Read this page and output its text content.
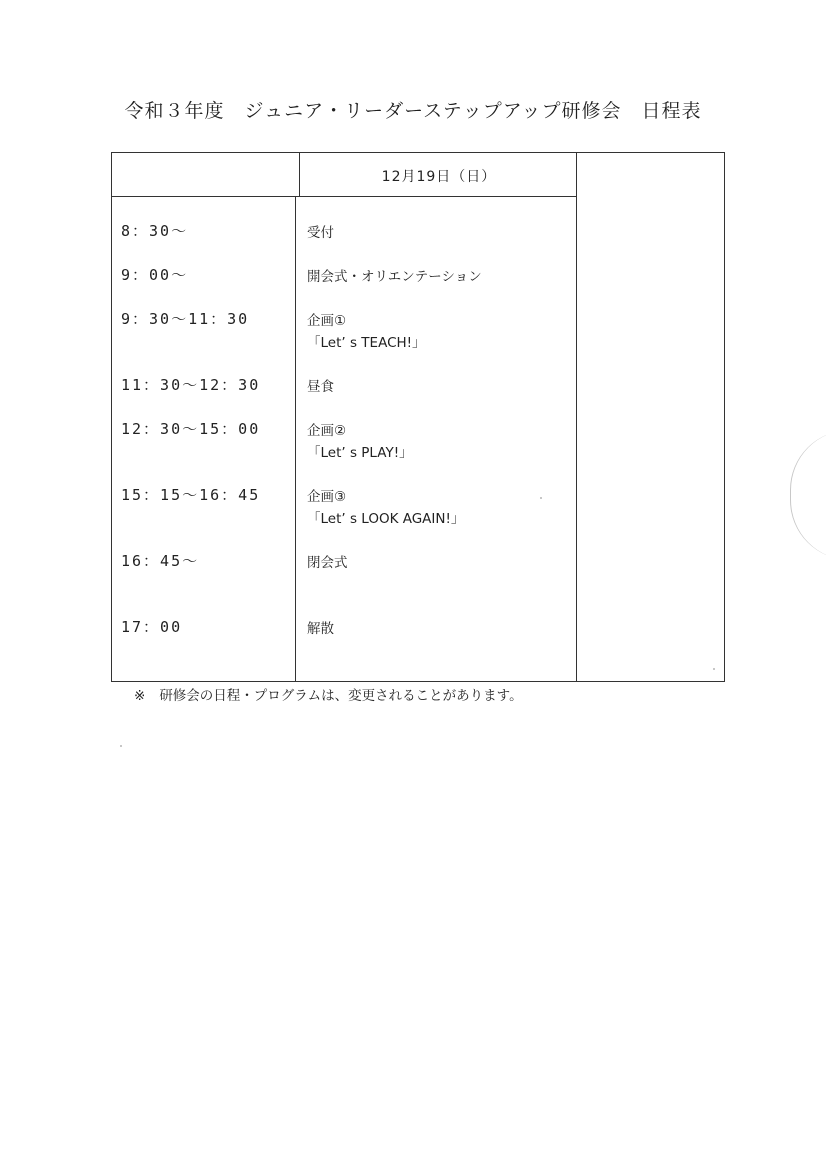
令和３年度　ジュニア・リーダーステップアップ研修会　日程表
12月19日（日）
8：30～	受付
9：00～	開会式・オリエンテーション
9：30～11：30	企画①
「Let’ s TEACH!」
11：30～12：30	昼食
12：30～15：00	企画②
「Let’ s PLAY!」
15：15～16：45	企画③
「Let’ s LOOK AGAIN!」
16：45～	閉会式
17：00	解散
※ 研修会の日程・プログラムは、変更されることがあります。
